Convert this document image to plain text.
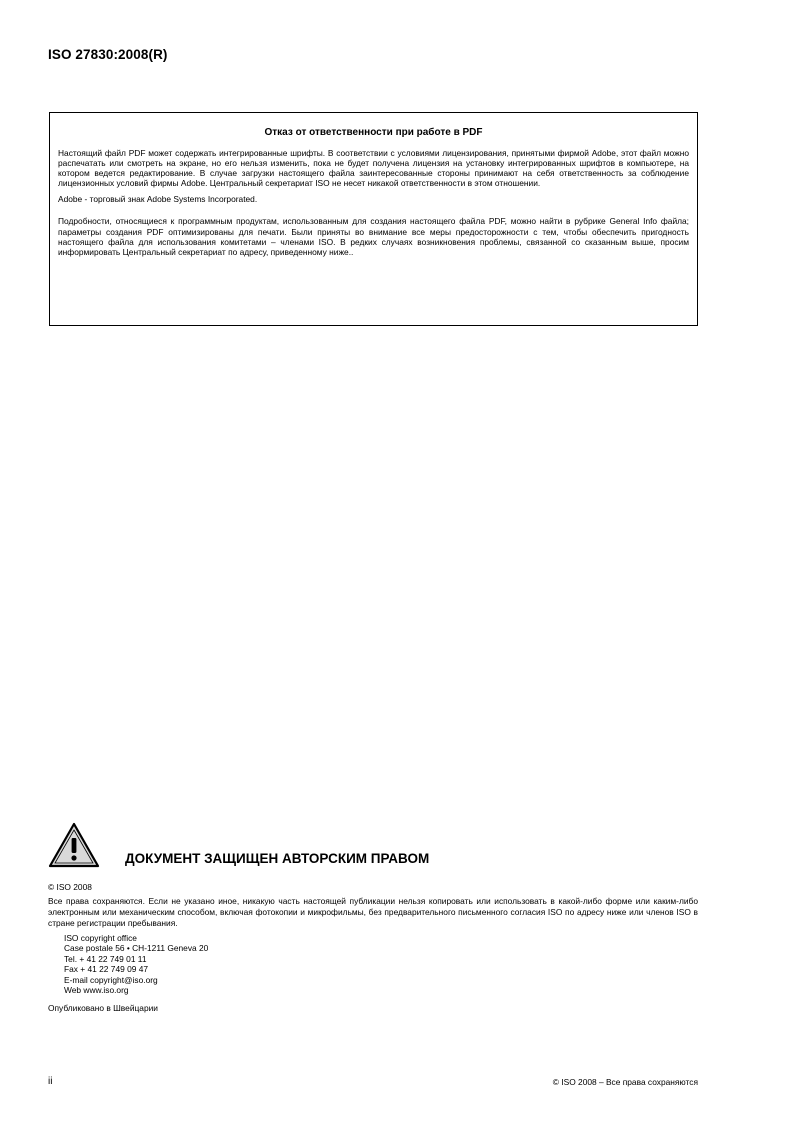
ISO 27830:2008(R)

Отказ от ответственности при работе в PDF

Настоящий файл PDF может содержать интегрированные шрифты. В соответствии с условиями лицензирования, принятыми фирмой Adobe, этот файл можно распечатать или смотреть на экране, но его нельзя изменить, пока не будет получена лицензия на установку интегрированных шрифтов в компьютере, на котором ведется редактирование. В случае загрузки настоящего файла заинтересованные стороны принимают на себя ответственность за соблюдение лицензионных условий фирмы Adobe. Центральный секретариат ISO не несет никакой ответственности в этом отношении.

Adobe - торговый знак Adobe Systems Incorporated.

Подробности, относящиеся к программным продуктам, использованным для создания настоящего файла PDF, можно найти в рубрике General Info файла; параметры создания PDF оптимизированы для печати. Были приняты во внимание все меры предосторожности с тем, чтобы обеспечить пригодность настоящего файла для использования комитетами – членами ISO. В редких случаях возникновения проблемы, связанной со сказанным выше, просим информировать Центральный секретариат по адресу, приведенному ниже..

ДОКУМЕНТ ЗАЩИЩЕН АВТОРСКИМ ПРАВОМ

© ISO 2008

Все права сохраняются. Если не указано иное, никакую часть настоящей публикации нельзя копировать или использовать в какой-либо форме или каким-либо электронным или механическим способом, включая фотокопии и микрофильмы, без предварительного письменного согласия ISO по адресу ниже или членов ISO в стране регистрации пребывания.

ISO copyright office

Case postale 56 • CH-1211 Geneva 20

Tel. + 41 22 749 01 11

Fax + 41 22 749 09 47

E-mail copyright@iso.org

Web www.iso.org

Опубликовано в Швейцарии

ii	© ISO 2008 – Все права сохраняются
